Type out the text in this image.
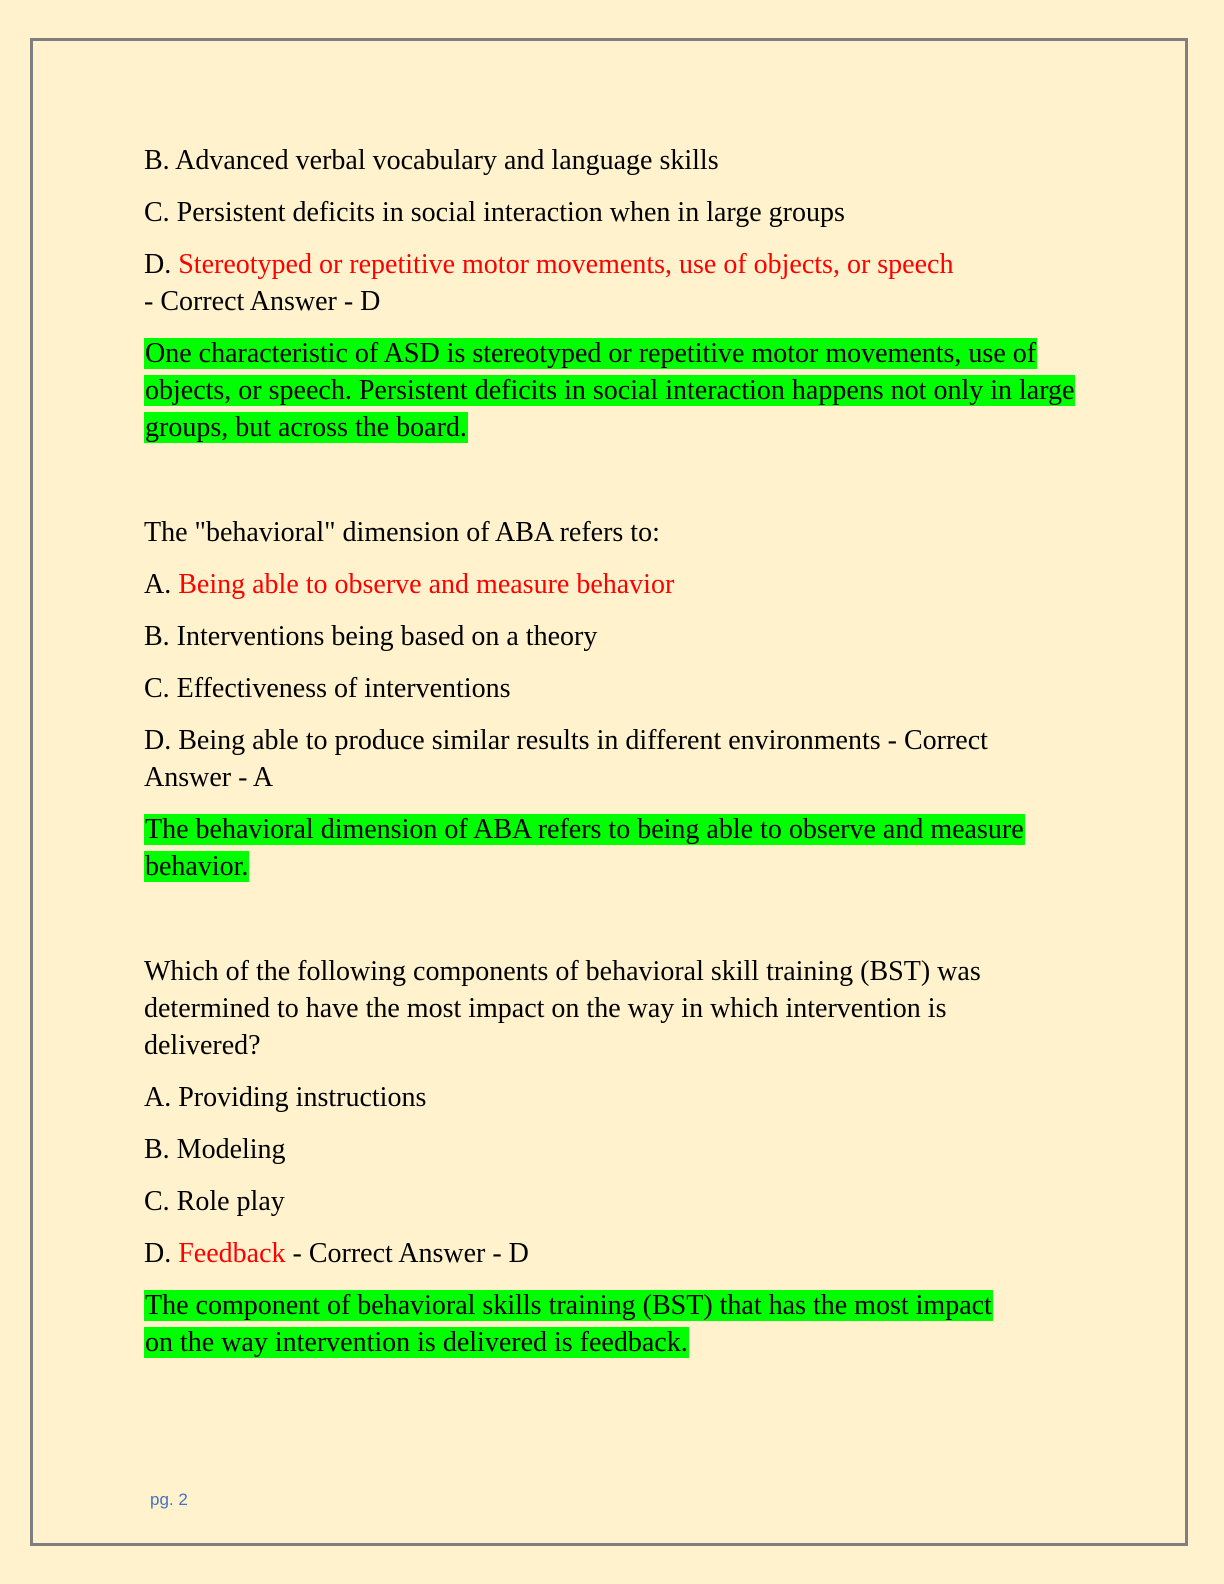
B. Advanced verbal vocabulary and language skills

C. Persistent deficits in social interaction when in large groups

D. Stereotyped or repetitive motor movements, use of objects, or speech
- Correct Answer - D

One characteristic of ASD is stereotyped or repetitive motor movements, use of objects, or speech. Persistent deficits in social interaction happens not only in large groups, but across the board.

The "behavioral" dimension of ABA refers to:

A. Being able to observe and measure behavior

B. Interventions being based on a theory

C. Effectiveness of interventions

D. Being able to produce similar results in different environments - Correct Answer - A

The behavioral dimension of ABA refers to being able to observe and measure behavior.

Which of the following components of behavioral skill training (BST) was determined to have the most impact on the way in which intervention is delivered?

A. Providing instructions

B. Modeling

C. Role play

D. Feedback - Correct Answer - D

The component of behavioral skills training (BST) that has the most impact on the way intervention is delivered is feedback.

pg. 2
